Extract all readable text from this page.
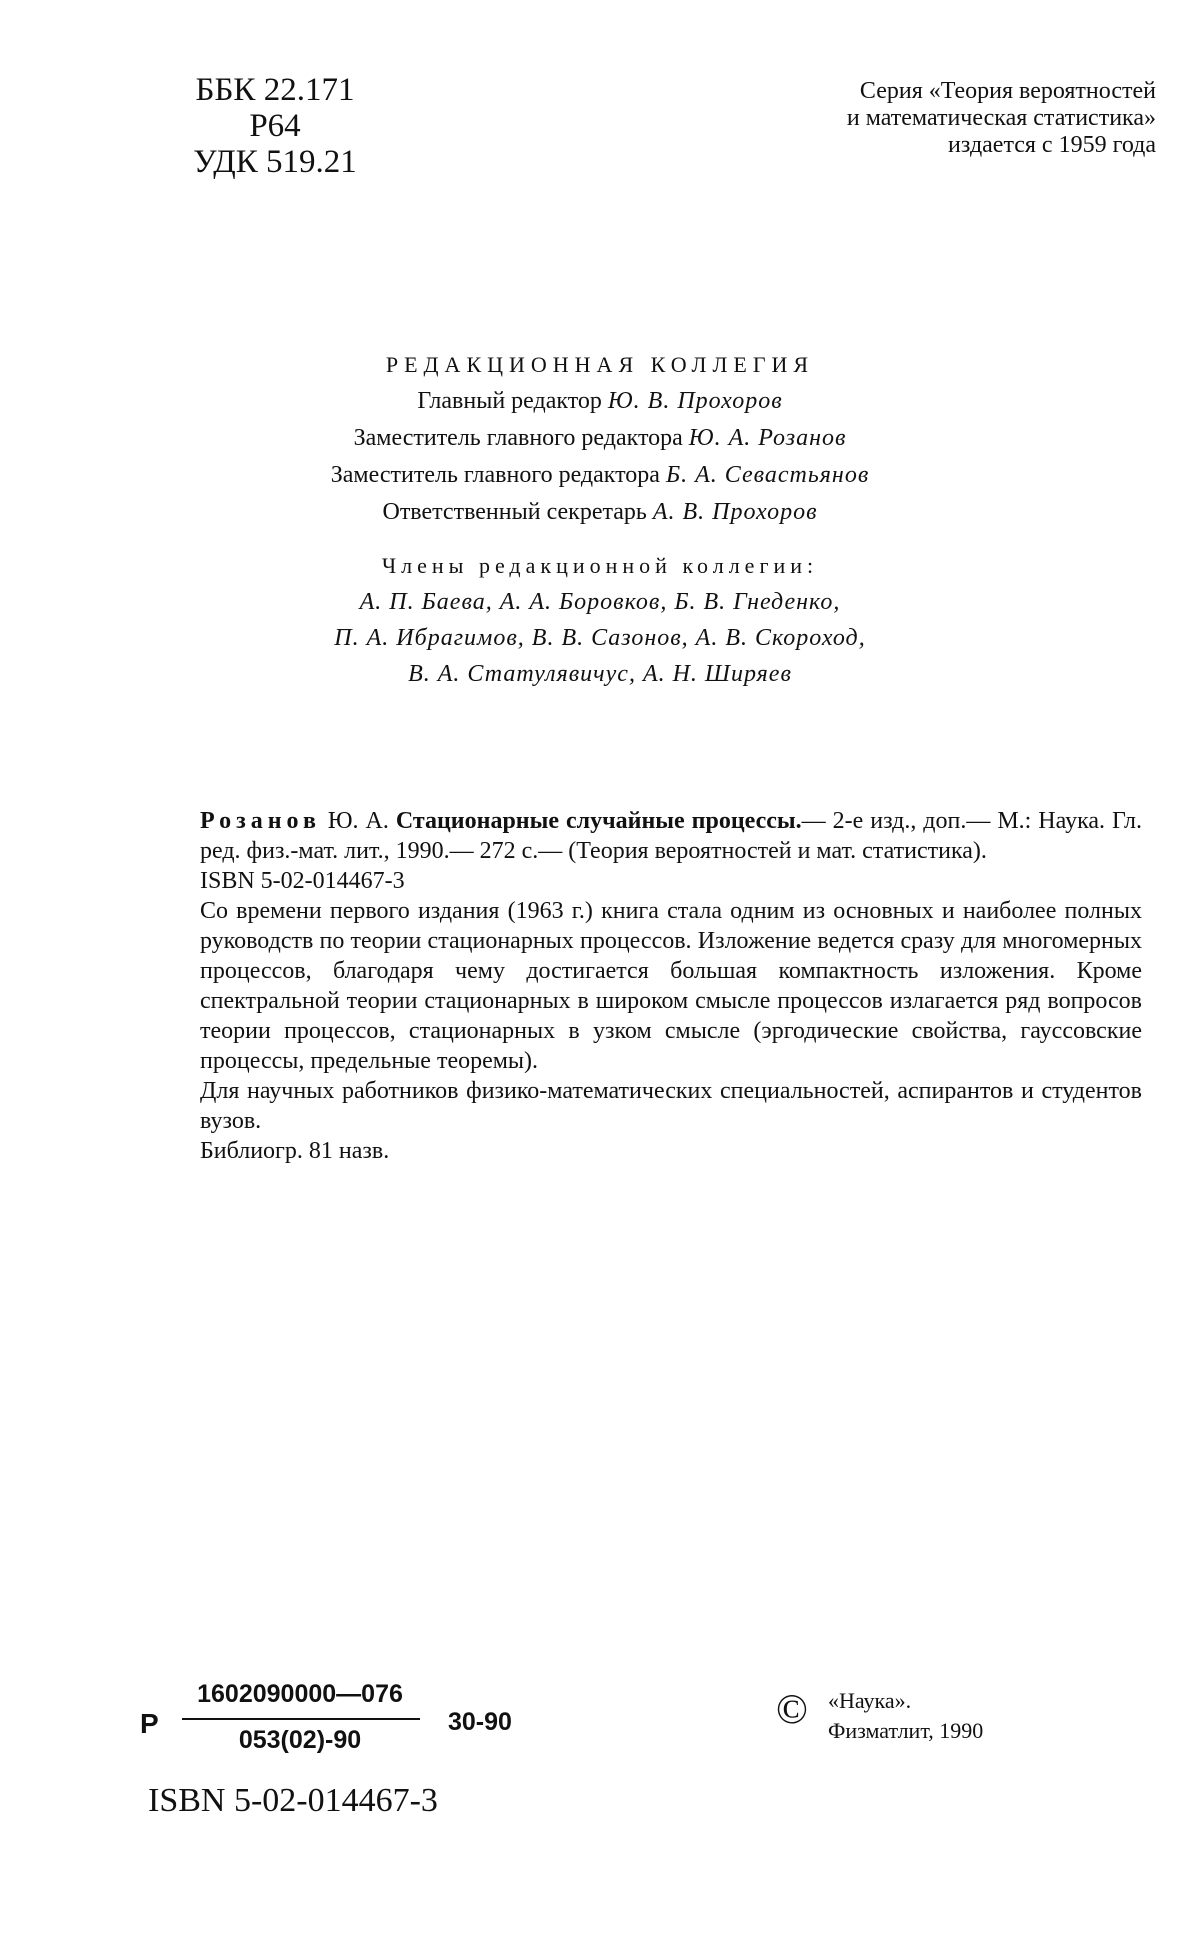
ББК 22.171
Р64
УДК 519.21
Серия «Теория вероятностей
и математическая статистика»
издается с 1959 года
РЕДАКЦИОННАЯ КОЛЛЕГИЯ
Главный редактор Ю. В. Прохоров
Заместитель главного редактора Ю. А. Розанов
Заместитель главного редактора Б. А. Севастьянов
Ответственный секретарь А. В. Прохоров
Члены редакционной коллегии:
А. П. Баева, А. А. Боровков, Б. В. Гнеденко,
П. А. Ибрагимов, В. В. Сазонов, А. В. Скороход,
В. А. Статулявичус, А. Н. Ширяев

Розанов Ю. А. Стационарные случайные процессы.— 2-е изд., доп.— М.: Наука. Гл. ред. физ.-мат. лит., 1990.— 272 с.— (Теория вероятностей и мат. статистика).

ISBN 5-02-014467-3

Со времени первого издания (1963 г.) книга стала одним из основных и наиболее полных руководств по теории стационарных процессов. Изложение ведется сразу для многомерных процессов, благодаря чему достигается большая компактность изложения. Кроме спектральной теории стационарных в широком смысле процессов излагается ряд вопросов теории процессов, стационарных в узком смысле (эргодические свойства, гауссовские процессы, предельные теоремы).

Для научных работников физико-математических специальностей, аспирантов и студентов вузов.

Библиогр. 81 назв.

Р
1602090000—076
053(02)-90
30-90
ISBN 5-02-014467-3
© «Наука».
Физматлит, 1990
